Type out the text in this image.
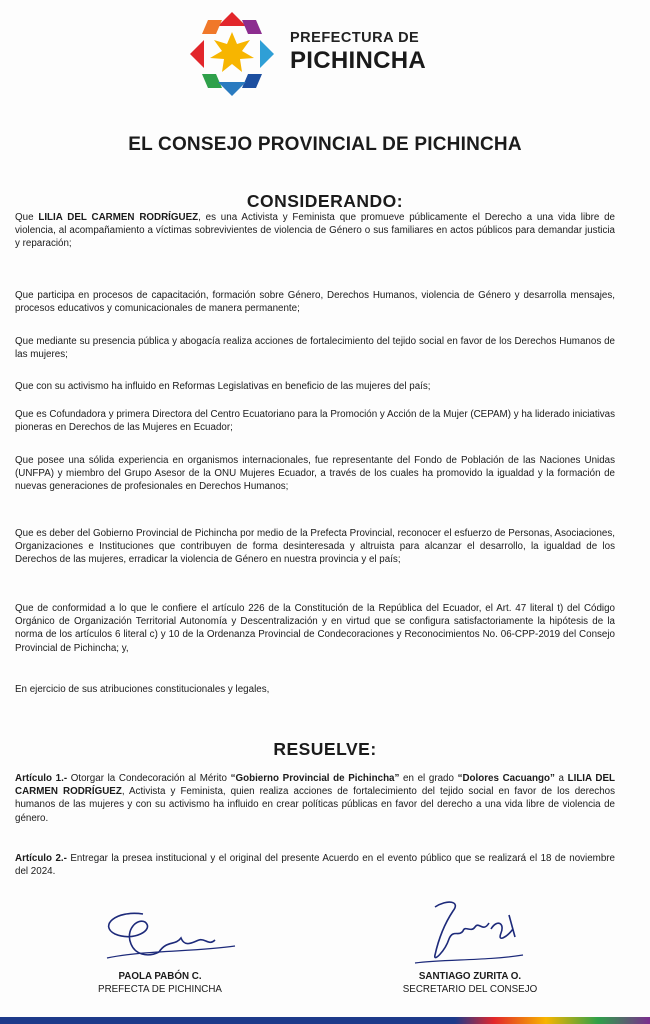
PREFECTURA DE
PICHINCHA
EL CONSEJO PROVINCIAL DE PICHINCHA
CONSIDERANDO:

Que LILIA DEL CARMEN RODRÍGUEZ, es una Activista y Feminista que promueve públicamente el Derecho a una vida libre de violencia, al acompañamiento a víctimas sobrevivientes de violencia de Género o sus familiares en actos públicos para demandar justicia y reparación;

Que participa en procesos de capacitación, formación sobre Género, Derechos Humanos, violencia de Género y desarrolla mensajes, procesos educativos y comunicacionales de manera permanente;

Que mediante su presencia pública y abogacía realiza acciones de fortalecimiento del tejido social en favor de los Derechos Humanos de las mujeres;

Que con su activismo ha influido en Reformas Legislativas en beneficio de las mujeres del país;

Que es Cofundadora y primera Directora del Centro Ecuatoriano para la Promoción y Acción de la Mujer (CEPAM) y ha liderado iniciativas pioneras en Derechos de las Mujeres en Ecuador;

Que posee una sólida experiencia en organismos internacionales, fue representante del Fondo de Población de las Naciones Unidas (UNFPA) y miembro del Grupo Asesor de la ONU Mujeres Ecuador, a través de los cuales ha promovido la igualdad y la formación de nuevas generaciones de profesionales en Derechos Humanos;

Que es deber del Gobierno Provincial de Pichincha por medio de la Prefecta Provincial, reconocer el esfuerzo de Personas, Asociaciones, Organizaciones e Instituciones que contribuyen de forma desinteresada y altruista para alcanzar el desarrollo, la igualdad de los Derechos de las mujeres, erradicar la violencia de Género en nuestra provincia y el país;

Que de conformidad a lo que le confiere el artículo 226 de la Constitución de la República del Ecuador, el Art. 47 literal t) del Código Orgánico de Organización Territorial Autonomía y Descentralización y en virtud que se configura satisfactoriamente la hipótesis de la norma de los artículos 6 literal c) y 10 de la Ordenanza Provincial de Condecoraciones y Reconocimientos No. 06-CPP-2019 del Consejo Provincial de Pichincha; y,

En ejercicio de sus atribuciones constitucionales y legales,

RESUELVE:

Artículo 1.- Otorgar la Condecoración al Mérito “Gobierno Provincial de Pichincha” en el grado “Dolores Cacuango” a LILIA DEL CARMEN RODRÍGUEZ, Activista y Feminista, quien realiza acciones de fortalecimiento del tejido social en favor de los derechos humanos de las mujeres y con su activismo ha influido en crear políticas públicas en favor del derecho a una vida libre de violencia de género.

Artículo 2.- Entregar la presea institucional y el original del presente Acuerdo en el evento público que se realizará el 18 de noviembre del 2024.

PAOLA PABÓN C.
PREFECTA DE PICHINCHA
SANTIAGO ZURITA O.
SECRETARIO DEL CONSEJO
